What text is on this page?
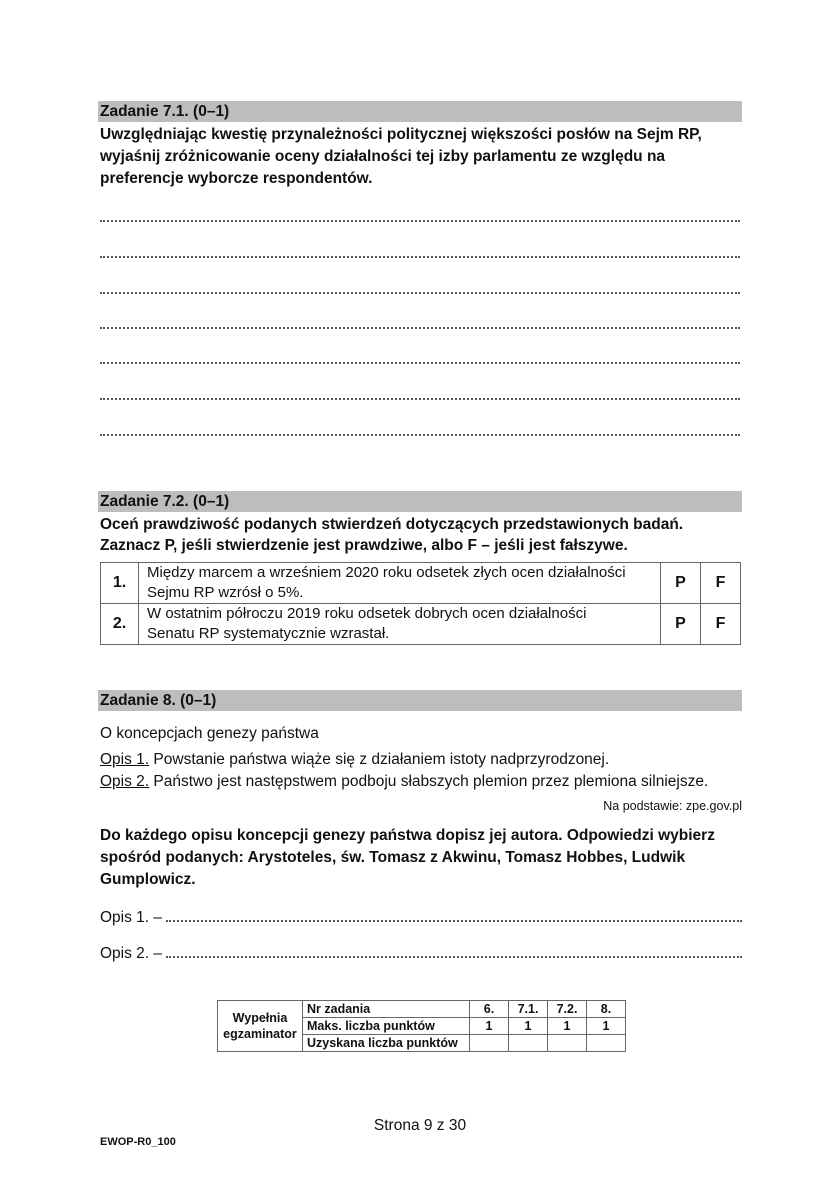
Zadanie 7.1. (0–1)
Uwzględniając kwestię przynależności politycznej większości posłów na Sejm RP, wyjaśnij zróżnicowanie oceny działalności tej izby parlamentu ze względu na preferencje wyborcze respondentów.
Zadanie 7.2. (0–1)
Oceń prawdziwość podanych stwierdzeń dotyczących przedstawionych badań.
Zaznacz P, jeśli stwierdzenie jest prawdziwe, albo F – jeśli jest fałszywe.
1.	Między marcem a wrześniem 2020 roku odsetek złych ocen działalności
Sejmu RP wzrósł o 5%.	P	F
2.	W ostatnim półroczu 2019 roku odsetek dobrych ocen działalności
Senatu RP systematycznie wzrastał.	P	F
Zadanie 8. (0–1)
O koncepcjach genezy państwa
Opis 1. Powstanie państwa wiąże się z działaniem istoty nadprzyrodzonej.
Opis 2. Państwo jest następstwem podboju słabszych plemion przez plemiona silniejsze.
Na podstawie: zpe.gov.pl
Do każdego opisu koncepcji genezy państwa dopisz jej autora. Odpowiedzi wybierz spośród podanych: Arystoteles, św. Tomasz z Akwinu, Tomasz Hobbes, Ludwik Gumplowicz.
Opis 1. –
Opis 2. –
Wypełnia
egzaminator	Nr zadania	6.	7.1.	7.2.	8.
	Maks. liczba punktów	1	1	1	1
	Uzyskana liczba punktów				
Strona 9 z 30
EWOP-R0_100
